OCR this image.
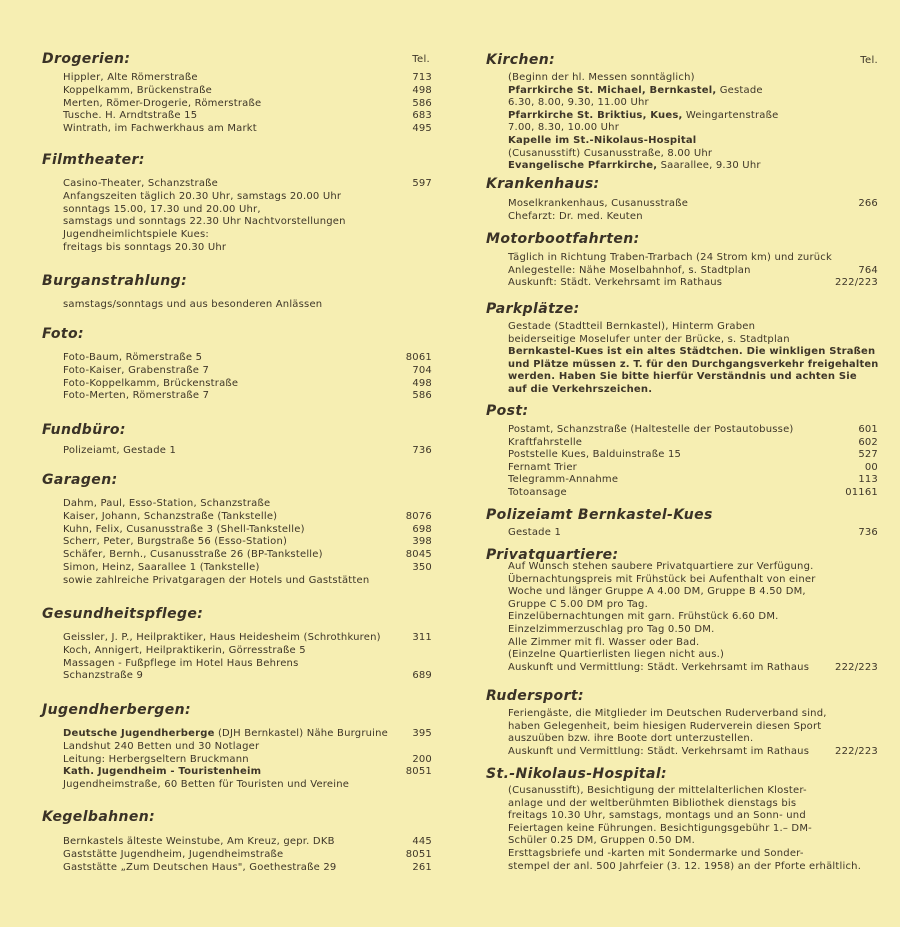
Drogerien:	Tel.
Hippler, Alte Römerstraße	713
Koppelkamm, Brückenstraße	498
Merten, Römer-Drogerie, Römerstraße	586
Tusche. H. Arndtstraße 15	683
Wintrath, im Fachwerkhaus am Markt	495
Filmtheater:
Casino-Theater, Schanzstraße	597
Anfangszeiten täglich 20.30 Uhr, samstags 20.00 Uhr
sonntags 15.00, 17.30 und 20.00 Uhr,
samstags und sonntags 22.30 Uhr Nachtvorstellungen
Jugendheimlichtspiele Kues:
freitags bis sonntags 20.30 Uhr
Burganstrahlung:
samstags/sonntags und aus besonderen Anlässen
Foto:
Foto-Baum, Römerstraße 5	8061
Foto-Kaiser, Grabenstraße 7	704
Foto-Koppelkamm, Brückenstraße	498
Foto-Merten, Römerstraße 7	586
Fundbüro:
Polizeiamt, Gestade 1	736
Garagen:
Dahm, Paul, Esso-Station, Schanzstraße
Kaiser, Johann, Schanzstraße (Tankstelle)	8076
Kuhn, Felix, Cusanusstraße 3 (Shell-Tankstelle)	698
Scherr, Peter, Burgstraße 56 (Esso-Station)	398
Schäfer, Bernh., Cusanusstraße 26 (BP-Tankstelle)	8045
Simon, Heinz, Saarallee 1 (Tankstelle)	350
sowie zahlreiche Privatgaragen der Hotels und Gaststätten
Gesundheitspflege:
Geissler, J. P., Heilpraktiker, Haus Heidesheim (Schrothkuren)	311
Koch, Annigert, Heilpraktikerin, Görresstraße 5
Massagen - Fußpflege im Hotel Haus Behrens
Schanzstraße 9	689
Jugendherbergen:
Deutsche Jugendherberge (DJH Bernkastel) Nähe Burgruine 395
Landshut 240 Betten und 30 Notlager
Leitung: Herbergseltern Bruckmann	200
Kath. Jugendheim - Touristenheim	8051
Jugendheimstraße, 60 Betten für Touristen und Vereine
Kegelbahnen:
Bernkastels älteste Weinstube, Am Kreuz, gepr. DKB	445
Gaststätte Jugendheim, Jugendheimstraße	8051
Gaststätte „Zum Deutschen Haus", Goethestraße 29	261
Kirchen:	Tel.
(Beginn der hl. Messen sonntäglich)
Pfarrkirche St. Michael, Bernkastel, Gestade
6.30, 8.00, 9.30, 11.00 Uhr
Pfarrkirche St. Briktius, Kues, Weingartenstraße
7.00, 8.30, 10.00 Uhr
Kapelle im St.-Nikolaus-Hospital
(Cusanusstift) Cusanusstraße, 8.00 Uhr
Evangelische Pfarrkirche, Saarallee, 9.30 Uhr
Krankenhaus:
Moselkrankenhaus, Cusanusstraße	266
Chefarzt: Dr. med. Keuten
Motorbootfahrten:
Täglich in Richtung Traben-Trarbach (24 Strom km) und zurück
Anlegestelle: Nähe Moselbahnhof, s. Stadtplan	764
Auskunft: Städt. Verkehrsamt im Rathaus	222/223
Parkplätze:
Gestade (Stadtteil Bernkastel), Hinterm Graben
beiderseitige Moselufer unter der Brücke, s. Stadtplan
Bernkastel-Kues ist ein altes Städtchen. Die winkligen Straßen
und Plätze müssen z. T. für den Durchgangsverkehr freigehalten
werden. Haben Sie bitte hierfür Verständnis und achten Sie
auf die Verkehrszeichen.
Post:
Postamt, Schanzstraße (Haltestelle der Postautobusse)	601
Kraftfahrstelle	602
Poststelle Kues, Balduinstraße 15	527
Fernamt Trier	00
Telegramm-Annahme	113
Totoansage	01161
Polizeiamt Bernkastel-Kues
Gestade 1	736
Privatquartiere:
Auf Wunsch stehen saubere Privatquartiere zur Verfügung.
Übernachtungspreis mit Frühstück bei Aufenthalt von einer
Woche und länger Gruppe A 4.00 DM, Gruppe B 4.50 DM,
Gruppe C 5.00 DM pro Tag.
Einzelübernachtungen mit garn. Frühstück 6.60 DM.
Einzelzimmerzuschlag pro Tag 0.50 DM.
Alle Zimmer mit fl. Wasser oder Bad.
(Einzelne Quartierlisten liegen nicht aus.)
Auskunft und Vermittlung: Städt. Verkehrsamt im Rathaus	222/223
Rudersport:
Feriengäste, die Mitglieder im Deutschen Ruderverband sind,
haben Gelegenheit, beim hiesigen Ruderverein diesen Sport
auszuüben bzw. ihre Boote dort unterzustellen.
Auskunft und Vermittlung: Städt. Verkehrsamt im Rathaus	222/223
St.-Nikolaus-Hospital:
(Cusanusstift), Besichtigung der mittelalterlichen Kloster-
anlage und der weltberühmten Bibliothek dienstags bis
freitags 10.30 Uhr, samstags, montags und an Sonn- und
Feiertagen keine Führungen. Besichtigungsgebühr 1.– DM-
Schüler 0.25 DM, Gruppen 0.50 DM.
Ersttagsbriefe und -karten mit Sondermarke und Sonder-
stempel der anl. 500 Jahrfeier (3. 12. 1958) an der Pforte erhältlich.
